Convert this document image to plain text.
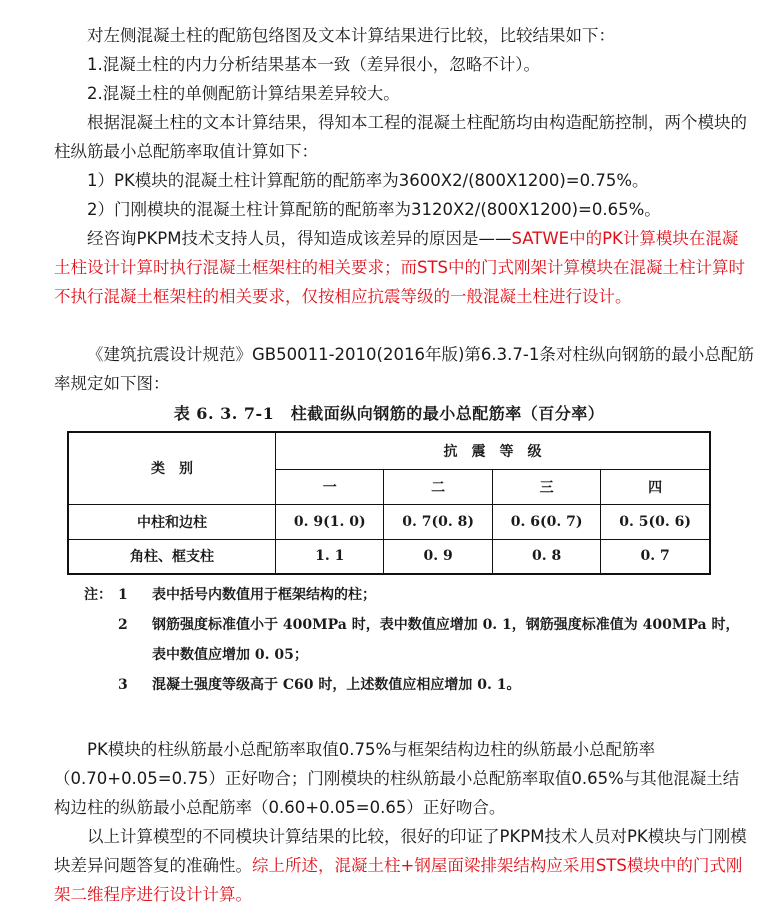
对左侧混凝土柱的配筋包络图及文本计算结果进行比较，比较结果如下：

1.混凝土柱的内力分析结果基本一致（差异很小，忽略不计）。

2.混凝土柱的单侧配筋计算结果差异较大。

根据混凝土柱的文本计算结果，得知本工程的混凝土柱配筋均由构造配筋控制，两个模块的柱纵筋最小总配筋率取值计算如下：

1）PK模块的混凝土柱计算配筋的配筋率为3600X2/(800X1200)=0.75%。

2）门刚模块的混凝土柱计算配筋的配筋率为3120X2/(800X1200)=0.65%。

经咨询PKPM技术支持人员，得知造成该差异的原因是——SATWE中的PK计算模块在混凝土柱设计计算时执行混凝土框架柱的相关要求；而STS中的门式刚架计算模块在混凝土柱计算时不执行混凝土框架柱的相关要求，仅按相应抗震等级的一般混凝土柱进行设计。

《建筑抗震设计规范》GB50011-2010(2016年版)第6.3.7-1条对柱纵向钢筋的最小总配筋率规定如下图：

表 6. 3. 7-1　柱截面纵向钢筋的最小总配筋率（百分率）
类　别	抗　震　等　级			
	一	二	三	四
中柱和边柱	0. 9(1. 0)	0. 7(0. 8)	0. 6(0. 7)	0. 5(0. 6)
角柱、框支柱	1. 1	0. 9	0. 8	0. 7
注： 1	表中括号内数值用于框架结构的柱；
2	钢筋强度标准值小于 400MPa 时，表中数值应增加 0. 1，钢筋强度标准值为 400MPa 时，表中数值应增加 0. 05；
3	混凝土强度等级高于 C60 时，上述数值应相应增加 0. 1。

PK模块的柱纵筋最小总配筋率取值0.75%与框架结构边柱的纵筋最小总配筋率（0.70+0.05=0.75）正好吻合；门刚模块的柱纵筋最小总配筋率取值0.65%与其他混凝土结构边柱的纵筋最小总配筋率（0.60+0.05=0.65）正好吻合。

以上计算模型的不同模块计算结果的比较，很好的印证了PKPM技术人员对PK模块与门刚模块差异问题答复的准确性。综上所述，混凝土柱+钢屋面梁排架结构应采用STS模块中的门式刚架二维程序进行设计计算。
